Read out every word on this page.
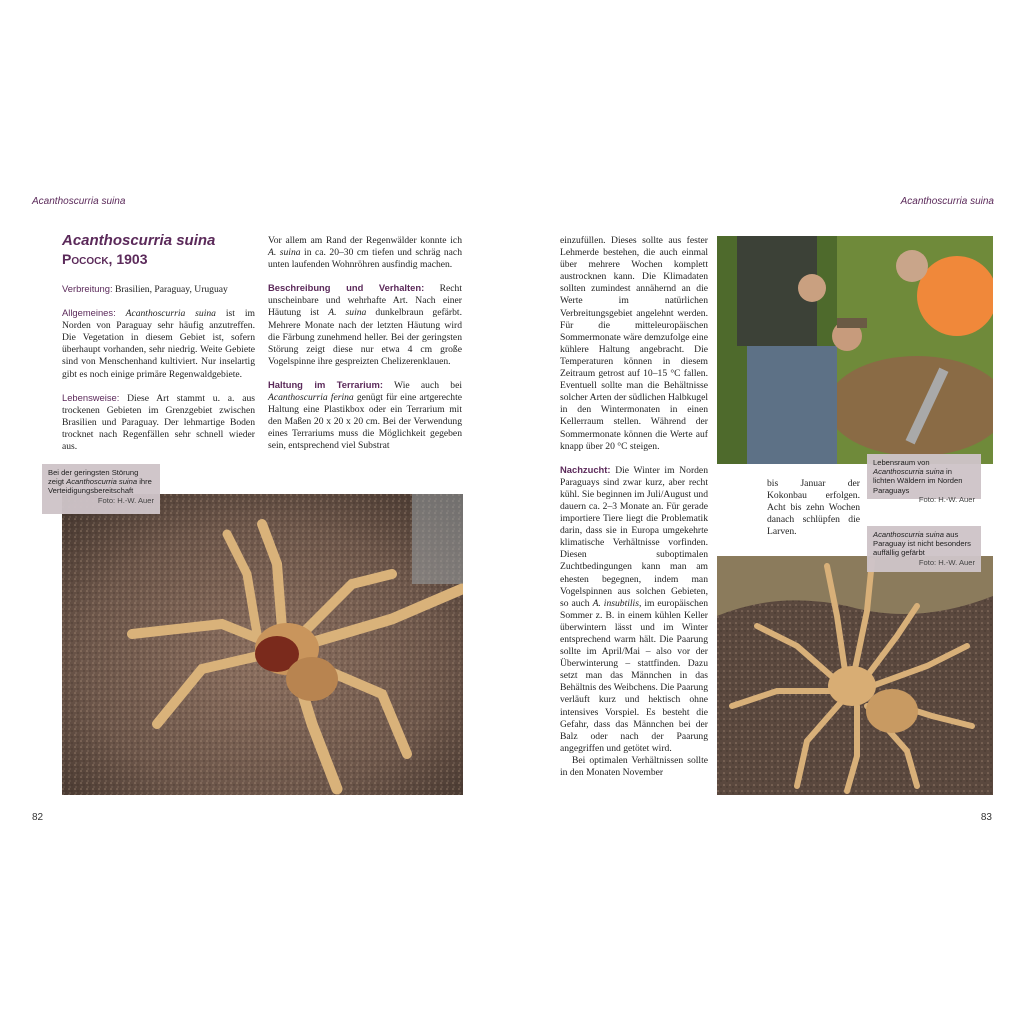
Acanthoscurria suina
Acanthoscurria suina
Pocock, 1903

Verbreitung: Brasilien, Paraguay, Uruguay

Allgemeines: Acanthoscurria suina ist im Norden von Paraguay sehr häufig anzutreffen. Die Vegetation in diesem Gebiet ist, sofern überhaupt vorhanden, sehr niedrig. Weite Gebiete sind von Menschenhand kultiviert. Nur inselartig gibt es noch einige primäre Regenwaldgebiete.

Lebensweise: Diese Art stammt u. a. aus trockenen Gebieten im Grenzgebiet zwischen Brasilien und Paraguay. Der lehmartige Boden trocknet nach Regenfällen sehr schnell wieder aus.

Vor allem am Rand der Regenwälder konnte ich A. suina in ca. 20–30 cm tiefen und schräg nach unten laufenden Wohnröhren ausfindig machen.

Beschreibung und Verhalten: Recht unscheinbare und wehrhafte Art. Nach einer Häutung ist A. suina dunkelbraun gefärbt. Mehrere Monate nach der letzten Häutung wird die Färbung zunehmend heller. Bei der geringsten Störung zeigt diese nur etwa 4 cm große Vogelspinne ihre gespreizten Chelizerenklauen.

Haltung im Terrarium: Wie auch bei Acanthoscurria ferina genügt für eine artgerechte Haltung eine Plastikbox oder ein Terrarium mit den Maßen 20 x 20 x 20 cm. Bei der Verwendung eines Terrariums muss die Möglichkeit gegeben sein, entsprechend viel Substrat

Bei der geringsten Störung zeigt Acanthoscurria suina ihre Verteidigungsbereitschaft
Foto: H.-W. Auer
82
Acanthoscurria suina

einzufüllen. Dieses sollte aus fester Lehmerde bestehen, die auch einmal über mehrere Wochen komplett austrocknen kann. Die Klimadaten sollten zumindest annähernd an die Werte im natürlichen Verbreitungsgebiet angelehnt werden. Für die mitteleuropäischen Sommermonate wäre demzufolge eine kühlere Haltung angebracht. Die Temperaturen können in diesem Zeitraum getrost auf 10–15 °C fallen. Eventuell sollte man die Behältnisse solcher Arten der südlichen Halbkugel in den Wintermonaten in einen Kellerraum stellen. Während der Sommermonate können die Werte auf knapp über 20 °C steigen.

Nachzucht: Die Winter im Norden Paraguays sind zwar kurz, aber recht kühl. Sie beginnen im Juli/August und dauern ca. 2–3 Monate an. Für gerade importiere Tiere liegt die Problematik darin, dass sie in Europa umgekehrte klimatische Verhältnisse vorfinden. Diesen suboptimalen Zuchtbedingungen kann man am ehesten begegnen, indem man Vogelspinnen aus solchen Gebieten, so auch A. insubtilis, im europäischen Sommer z. B. in einem kühlen Keller überwintern lässt und im Winter entsprechend warm hält. Die Paarung sollte im April/Mai – also vor der Überwinterung – stattfinden. Dazu setzt man das Männchen in das Behältnis des Weibchens. Die Paarung verläuft kurz und hektisch ohne intensives Vorspiel. Es besteht die Gefahr, dass das Männchen bei der Balz oder nach der Paarung angegriffen und getötet wird.

Bei optimalen Verhältnissen sollte in den Monaten November

Lebensraum von Acanthoscurria suina in lichten Wäldern im Norden Paraguays
Foto: H.-W. Auer

bis Januar der Kokonbau erfolgen. Acht bis zehn Wochen danach schlüpfen die Larven.	Acanthoscurria suina aus Paraguay ist nicht besonders auffällig gefärbt
Foto: H.-W. Auer
83
